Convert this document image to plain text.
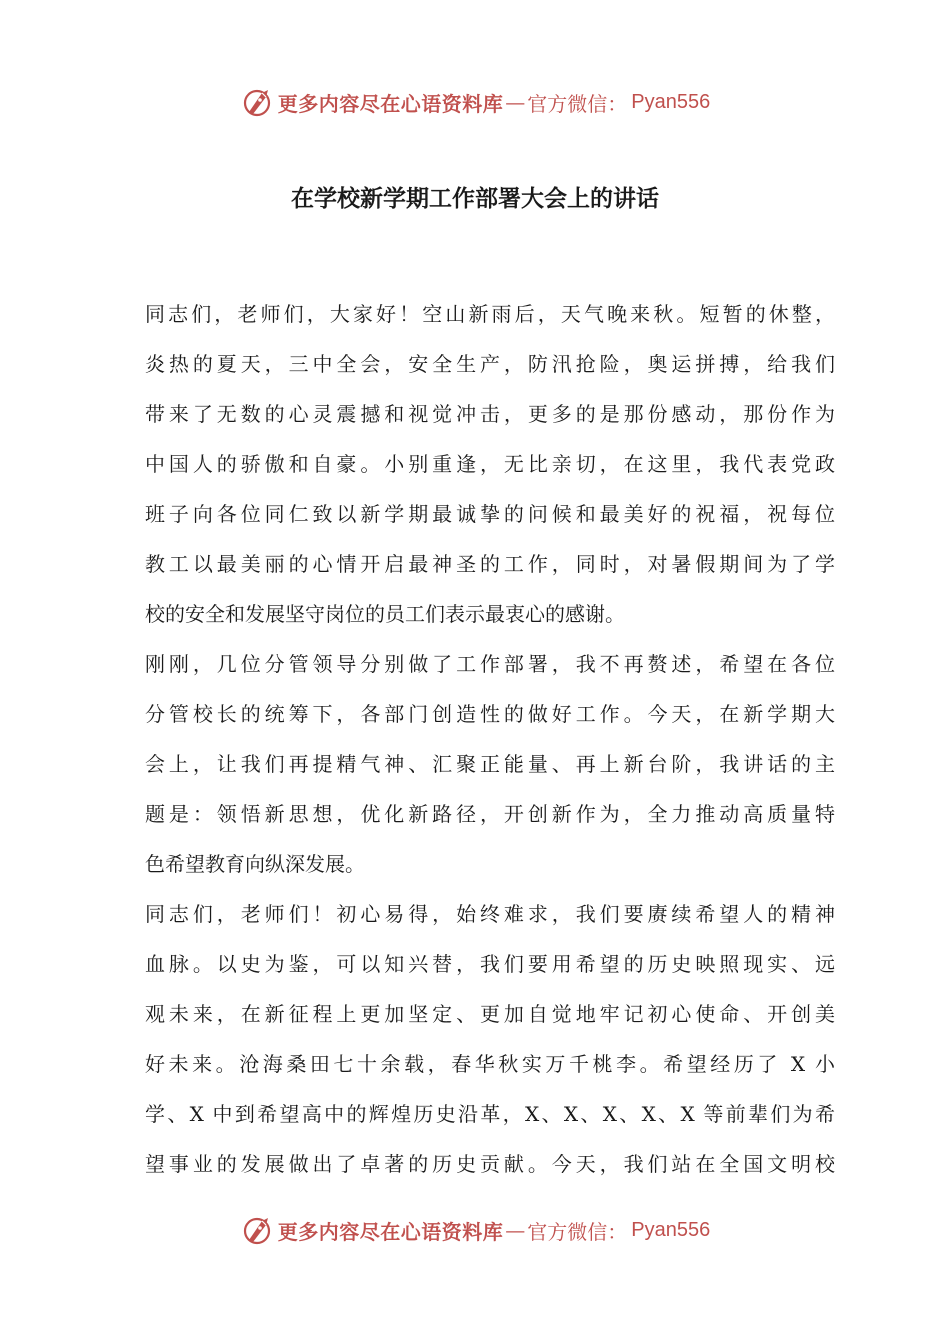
更多内容尽在心语资料库 — 官方微信： Pyan556
在学校新学期工作部署大会上的讲话
同志们，老师们，大家好！空山新雨后，天气晚来秋。短暂的休整，
炎热的夏天，三中全会，安全生产，防汛抢险，奥运拼搏，给我们
带来了无数的心灵震撼和视觉冲击，更多的是那份感动，那份作为
中国人的骄傲和自豪。小别重逢，无比亲切，在这里，我代表党政
班子向各位同仁致以新学期最诚挚的问候和最美好的祝福，祝每位
教工以最美丽的心情开启最神圣的工作，同时，对暑假期间为了学
校的安全和发展坚守岗位的员工们表示最衷心的感谢。
刚刚，几位分管领导分别做了工作部署，我不再赘述，希望在各位
分管校长的统筹下，各部门创造性的做好工作。今天，在新学期大
会上，让我们再提精气神、汇聚正能量、再上新台阶，我讲话的主
题是：领悟新思想，优化新路径，开创新作为，全力推动高质量特
色希望教育向纵深发展。
同志们，老师们！初心易得，始终难求，我们要赓续希望人的精神
血脉。以史为鉴，可以知兴替，我们要用希望的历史映照现实、远
观未来，在新征程上更加坚定、更加自觉地牢记初心使命、开创美
好未来。沧海桑田七十余载，春华秋实万千桃李。希望经历了 X 小
学、X 中到希望高中的辉煌历史沿革，X、X、X、X、X 等前辈们为希
望事业的发展做出了卓著的历史贡献。今天，我们站在全国文明校
更多内容尽在心语资料库 — 官方微信： Pyan556
